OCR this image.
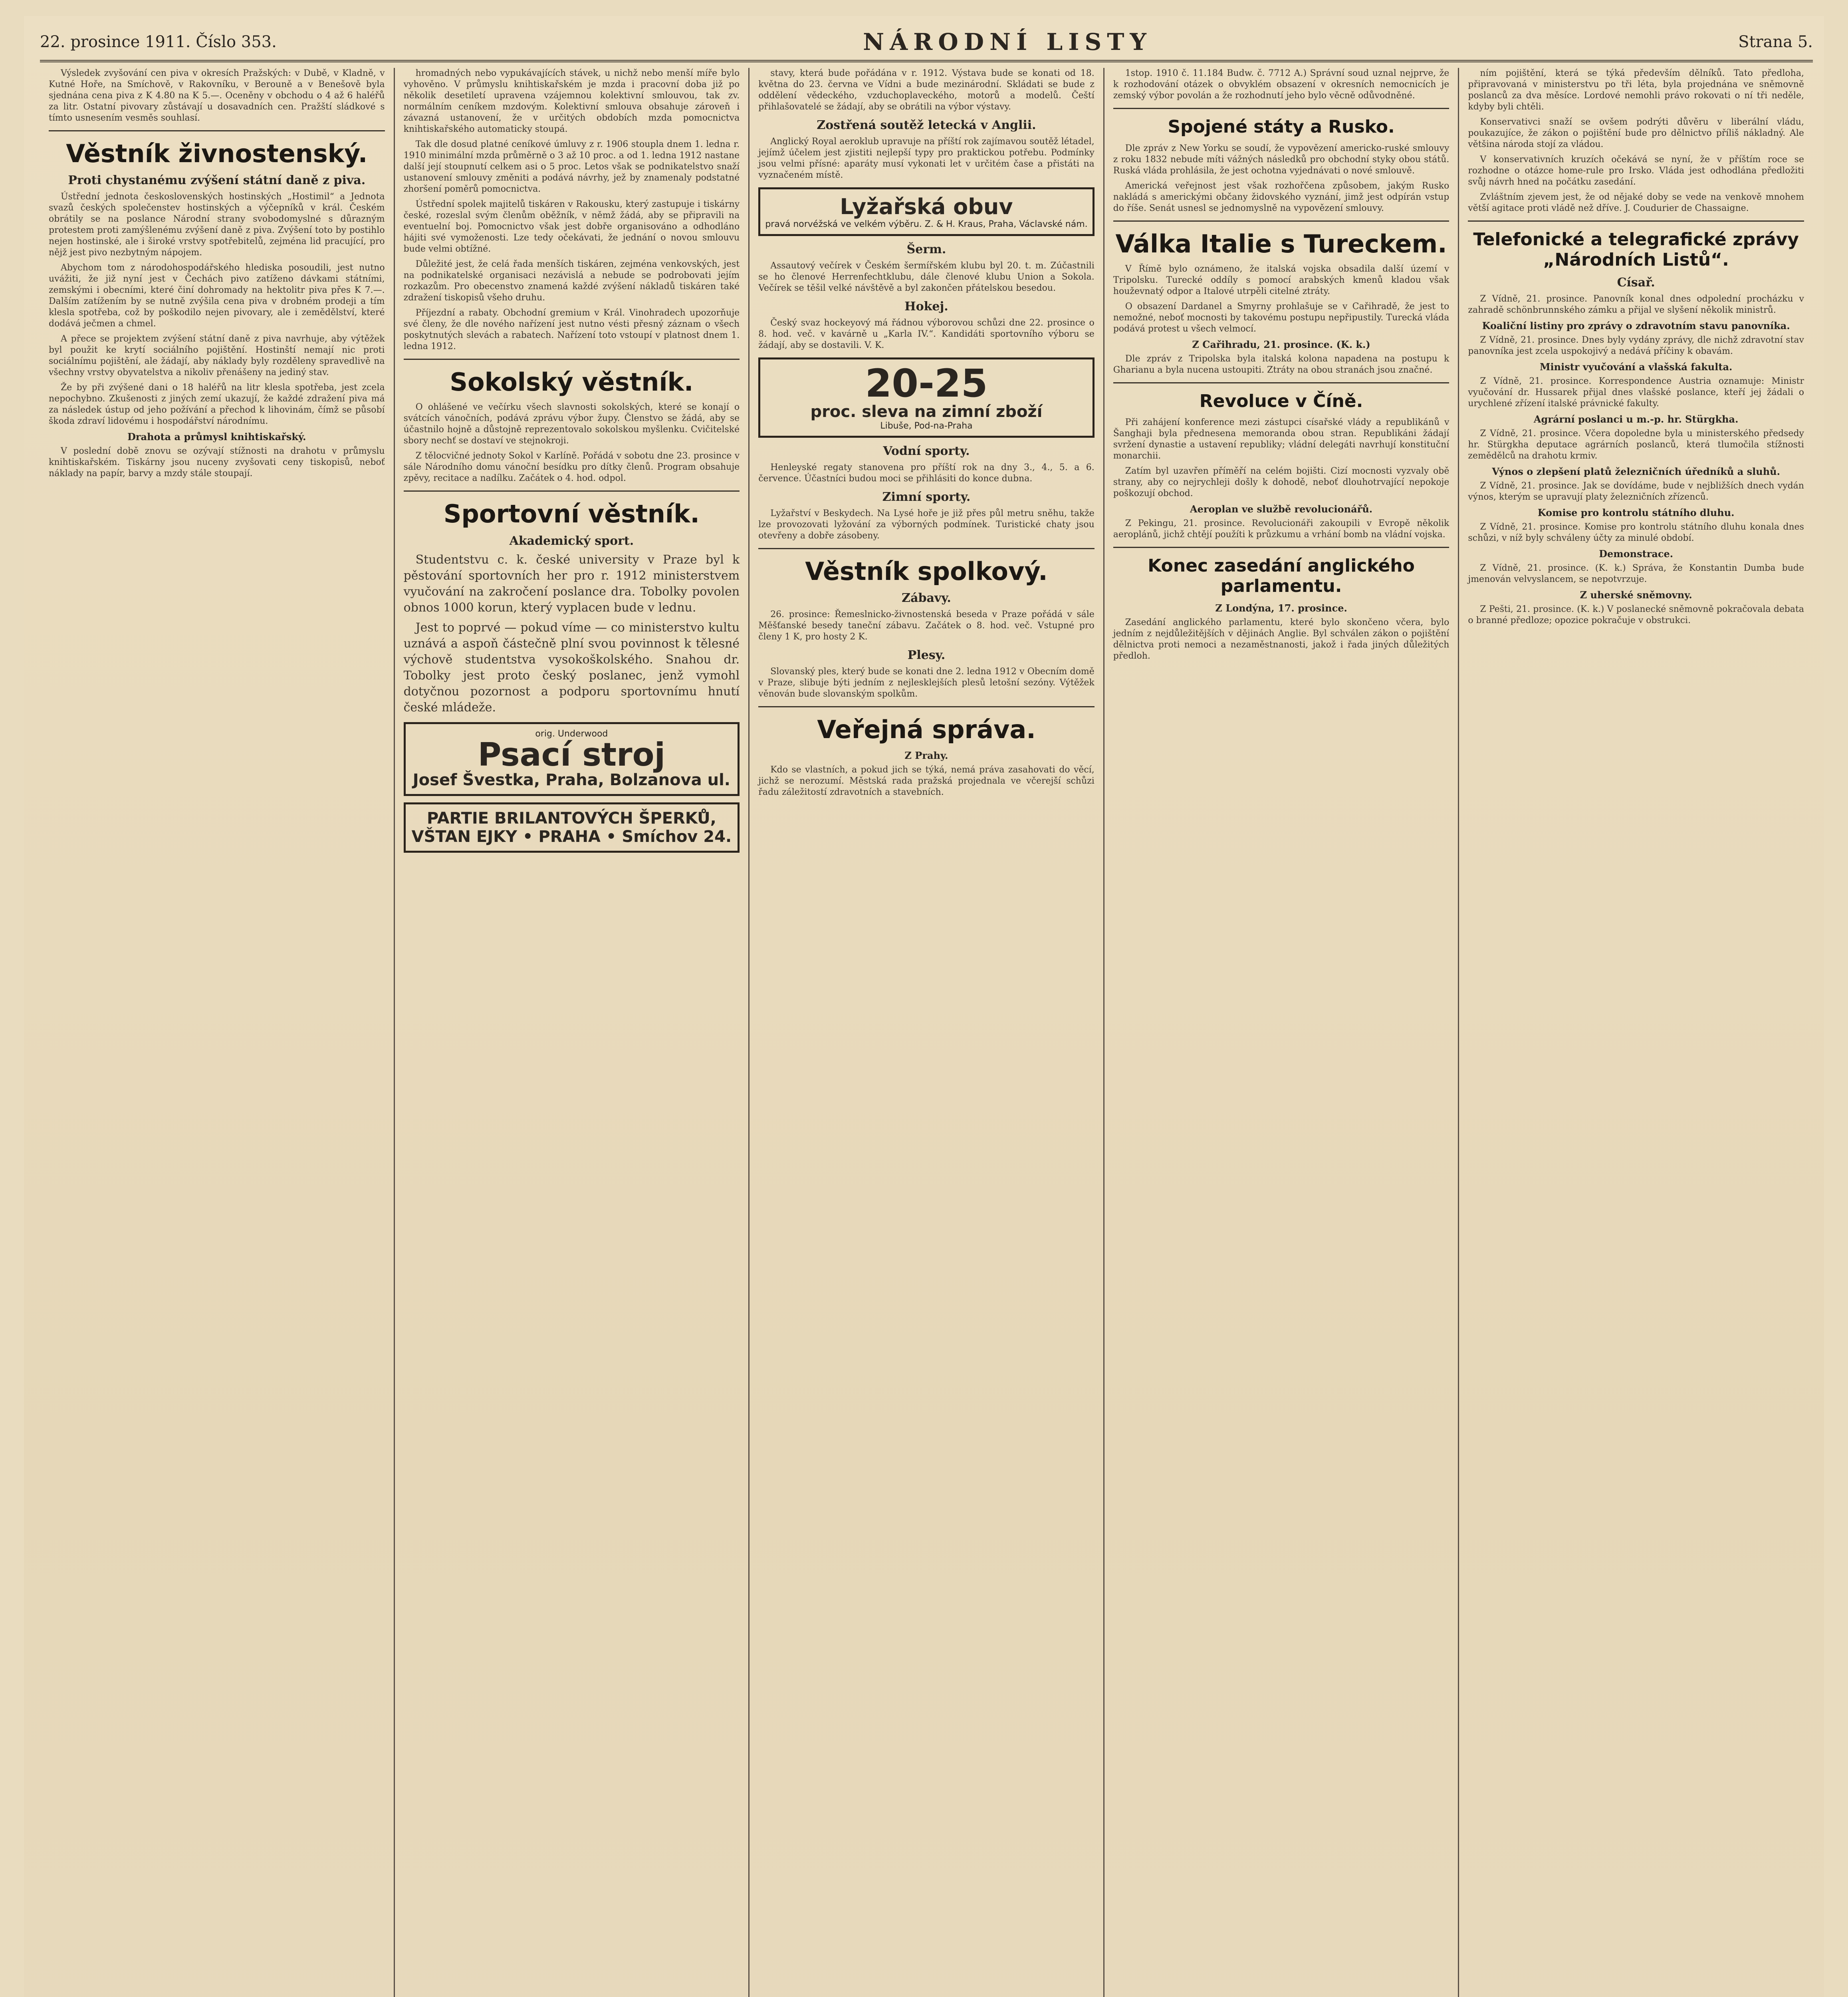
22. prosince 1911. Číslo 353.	NÁRODNÍ LISTY	Strana 5.

Výsledek zvyšování cen piva v okresích Pražských: v Dubě, v Kladně, v Kutné Hoře, na Smíchově, v Rakovníku, v Berouně a v Benešově byla sjednána cena piva z K 4.80 na K 5.—. Oceněny v obchodu o 4 až 6 haléřů za litr. Ostatní pivovary zůstávají u dosavadních cen. Pražští sládkové s tímto usnesením vesměs souhlasí.

Věstník živnostenský.
Proti chystanému zvýšení státní daně z piva.

Ústřední jednota československých hostinských „Hostimil“ a Jednota svazů českých společenstev hostinských a výčepníků v král. Českém obrátily se na poslance Národní strany svobodomyslné s důrazným protestem proti zamýšlenému zvýšení daně z piva. Zvýšení toto by postihlo nejen hostinské, ale i široké vrstvy spotřebitelů, zejména lid pracující, pro nějž jest pivo nezbytným nápojem.

Abychom tom z národohospodářského hlediska posoudili, jest nutno uvážiti, že již nyní jest v Čechách pivo zatíženo dávkami státními, zemskými i obecními, které činí dohromady na hektolitr piva přes K 7.—. Dalším zatížením by se nutně zvýšila cena piva v drobném prodeji a tím klesla spotřeba, což by poškodilo nejen pivovary, ale i zemědělství, které dodává ječmen a chmel.

A přece se projektem zvýšení státní daně z piva navrhuje, aby výtěžek byl použit ke krytí sociálního pojištění. Hostinští nemají nic proti sociálnímu pojištění, ale žádají, aby náklady byly rozděleny spravedlivě na všechny vrstvy obyvatelstva a nikoliv přenášeny na jediný stav.

Že by při zvýšené dani o 18 haléřů na litr klesla spotřeba, jest zcela nepochybno. Zkušenosti z jiných zemí ukazují, že každé zdražení piva má za následek ústup od jeho požívání a přechod k lihovinám, čímž se působí škoda zdraví lidovému i hospodářství národnímu.

Drahota a průmysl knihtiskařský.

V poslední době znovu se ozývají stížnosti na drahotu v průmyslu knihtiskařském. Tiskárny jsou nuceny zvyšovati ceny tiskopisů, neboť náklady na papír, barvy a mzdy stále stoupají.

hromadných nebo vypukávajících stávek, u nichž nebo menší míře bylo vyhověno. V průmyslu knihtiskařském je mzda i pracovní doba již po několik desetiletí upravena vzájemnou kolektivní smlouvou, tak zv. normálním ceníkem mzdovým. Kolektivní smlouva obsahuje zároveň i závazná ustanovení, že v určitých obdobích mzda pomocnictva knihtiskařského automaticky stoupá.

Tak dle dosud platné ceníkové úmluvy z r. 1906 stoupla dnem 1. ledna r. 1910 minimální mzda průměrně o 3 až 10 proc. a od 1. ledna 1912 nastane další její stoupnutí celkem asi o 5 proc. Letos však se podnikatelstvo snaží ustanovení smlouvy změniti a podává návrhy, jež by znamenaly podstatné zhoršení poměrů pomocnictva.

Ústřední spolek majitelů tiskáren v Rakousku, který zastupuje i tiskárny české, rozeslal svým členům oběžník, v němž žádá, aby se připravili na eventuelní boj. Pomocnictvo však jest dobře organisováno a odhodláno hájiti své vymoženosti. Lze tedy očekávati, že jednání o novou smlouvu bude velmi obtížné.

Důležité jest, že celá řada menších tiskáren, zejména venkovských, jest na podnikatelské organisaci nezávislá a nebude se podrobovati jejím rozkazům. Pro obecenstvo znamená každé zvýšení nákladů tiskáren také zdražení tiskopisů všeho druhu.

Příjezdní a rabaty. Obchodní gremium v Král. Vinohradech upozorňuje své členy, že dle nového nařízení jest nutno vésti přesný záznam o všech poskytnutých slevách a rabatech. Nařízení toto vstoupí v platnost dnem 1. ledna 1912.

Sokolský věstník.

O ohlášené ve večírku všech slavnosti sokolských, které se konají o svátcích vánočních, podává zprávu výbor župy. Členstvo se žádá, aby se účastnilo hojně a důstojně reprezentovalo sokolskou myšlenku. Cvičitelské sbory nechť se dostaví ve stejnokroji.

Z tělocvičné jednoty Sokol v Karlíně. Pořádá v sobotu dne 23. prosince v sále Národního domu vánoční besídku pro dítky členů. Program obsahuje zpěvy, recitace a nadílku. Začátek o 4. hod. odpol.

Sportovní věstník.
Akademický sport.

Studentstvu c. k. české university v Praze byl k pěstování sportovních her pro r. 1912 ministerstvem vyučování na zakročení poslance dra. Tobolky povolen obnos 1000 korun, který vyplacen bude v lednu.

Jest to poprvé — pokud víme — co ministerstvo kultu uznává a aspoň částečně plní svou povinnost k tělesné výchově studentstva vysokoškolského. Snahou dr. Tobolky jest proto český poslanec, jenž vymohl dotyčnou pozornost a podporu sportovnímu hnutí české mládeže.

orig. Underwood
Psací stroj
Josef Švestka, Praha, Bolzanova ul.
PARTIE BRILANTOVÝCH ŠPERKŮ, VŠTAN EJKY • PRAHA • Smíchov 24.

stavy, která bude pořádána v r. 1912. Výstava bude se konati od 18. května do 23. června ve Vídni a bude mezinárodní. Skládati se bude z oddělení vědeckého, vzduchoplaveckého, motorů a modelů. Čeští přihlašovatelé se žádají, aby se obrátili na výbor výstavy.

Zostřená soutěž letecká v Anglii.

Anglický Royal aeroklub upravuje na příští rok zajímavou soutěž létadel, jejímž účelem jest zjistiti nejlepší typy pro praktickou potřebu. Podmínky jsou velmi přísné: aparáty musí vykonati let v určitém čase a přistáti na vyznačeném místě.

Lyžařská obuv
pravá norvéžská ve velkém výběru. Z. & H. Kraus, Praha, Václavské nám.
Šerm.

Assautový večírek v Českém šermířském klubu byl 20. t. m. Zúčastnili se ho členové Herrenfechtklubu, dále členové klubu Union a Sokola. Večírek se těšil velké návštěvě a byl zakončen přátelskou besedou.

Hokej.

Český svaz hockeyový má řádnou výborovou schůzi dne 22. prosince o 8. hod. več. v kavárně u „Karla IV.“. Kandidáti sportovního výboru se žádají, aby se dostavili. V. K.

20-25
proc. sleva na zimní zboží
Libuše, Pod-na-Praha
Vodní sporty.

Henleyské regaty stanovena pro příští rok na dny 3., 4., 5. a 6. července. Účastníci budou moci se přihlásiti do konce dubna.

Zimní sporty.

Lyžařství v Beskydech. Na Lysé hoře je již přes půl metru sněhu, takže lze provozovati lyžování za výborných podmínek. Turistické chaty jsou otevřeny a dobře zásobeny.

Věstník spolkový.
Zábavy.

26. prosince: Řemeslnicko-živnostenská beseda v Praze pořádá v sále Měšťanské besedy taneční zábavu. Začátek o 8. hod. več. Vstupné pro členy 1 K, pro hosty 2 K.

Plesy.

Slovanský ples, který bude se konati dne 2. ledna 1912 v Obecním domě v Praze, slibuje býti jedním z nejlesklejších plesů letošní sezóny. Výtěžek věnován bude slovanským spolkům.

Veřejná správa.
Z Prahy.

Kdo se vlastních, a pokud jich se týká, nemá práva zasahovati do věcí, jichž se nerozumí. Městská rada pražská projednala ve včerejší schůzi řadu záležitostí zdravotních a stavebních.

1stop. 1910 č. 11.184 Budw. č. 7712 A.) Správní soud uznal nejprve, že k rozhodování otázek o obvyklém obsazení v okresních nemocnicích je zemský výbor povolán a že rozhodnutí jeho bylo věcně odůvodněné.

Spojené státy a Rusko.

Dle zpráv z New Yorku se soudí, že vypovězení americko-ruské smlouvy z roku 1832 nebude míti vážných následků pro obchodní styky obou států. Ruská vláda prohlásila, že jest ochotna vyjednávati o nové smlouvě.

Americká veřejnost jest však rozhořčena způsobem, jakým Rusko nakládá s americkými občany židovského vyznání, jimž jest odpírán vstup do říše. Senát usnesl se jednomyslně na vypovězení smlouvy.

Válka Italie s Tureckem.

V Římě bylo oznámeno, že italská vojska obsadila další území v Tripolsku. Turecké oddíly s pomocí arabských kmenů kladou však houževnatý odpor a Italové utrpěli citelné ztráty.

O obsazení Dardanel a Smyrny prohlašuje se v Cařihradě, že jest to nemožné, neboť mocnosti by takovému postupu nepřipustily. Turecká vláda podává protest u všech velmocí.

Z Cařihradu, 21. prosince. (K. k.)

Dle zpráv z Tripolska byla italská kolona napadena na postupu k Gharianu a byla nucena ustoupiti. Ztráty na obou stranách jsou značné.

Revoluce v Číně.

Při zahájení konference mezi zástupci císařské vlády a republikánů v Šanghaji byla přednesena memoranda obou stran. Republikáni žádají svržení dynastie a ustavení republiky; vládní delegáti navrhují konstituční monarchii.

Zatím byl uzavřen příměří na celém bojišti. Cizí mocnosti vyzvaly obě strany, aby co nejrychleji došly k dohodě, neboť dlouhotrvající nepokoje poškozují obchod.

Aeroplan ve službě revolucionářů.

Z Pekingu, 21. prosince. Revolucionáři zakoupili v Evropě několik aeroplánů, jichž chtějí použíti k průzkumu a vrhání bomb na vládní vojska.

Konec zasedání anglického parlamentu.
Z Londýna, 17. prosince.

Zasedání anglického parlamentu, které bylo skončeno včera, bylo jedním z nejdůležitějších v dějinách Anglie. Byl schválen zákon o pojištění dělnictva proti nemoci a nezaměstnanosti, jakož i řada jiných důležitých předloh.

ním pojištění, která se týká především dělníků. Tato předloha, připravovaná v ministerstvu po tři léta, byla projednána ve sněmovně poslanců za dva měsíce. Lordové nemohli právo rokovati o ní tři neděle, kdyby byli chtěli.

Konservativci snaží se ovšem podrýti důvěru v liberální vládu, poukazujíce, že zákon o pojištění bude pro dělnictvo příliš nákladný. Ale většina národa stojí za vládou.

V konservativních kruzích očekává se nyní, že v příštím roce se rozhodne o otázce home-rule pro Irsko. Vláda jest odhodlána předložiti svůj návrh hned na počátku zasedání.

Zvláštním zjevem jest, že od nějaké doby se vede na venkově mnohem větší agitace proti vládě než dříve. J. Coudurier de Chassaigne.

Telefonické a telegrafické zprávy „Národních Listů“.
Císař.

Z Vídně, 21. prosince. Panovník konal dnes odpolední procházku v zahradě schönbrunnského zámku a přijal ve slyšení několik ministrů.

Koaliční listiny pro zprávy o zdravotním stavu panovníka.

Z Vídně, 21. prosince. Dnes byly vydány zprávy, dle nichž zdravotní stav panovníka jest zcela uspokojivý a nedává příčiny k obavám.

Ministr vyučování a vlašská fakulta.

Z Vídně, 21. prosince. Korrespondence Austria oznamuje: Ministr vyučování dr. Hussarek přijal dnes vlašské poslance, kteří jej žádali o urychlené zřízení italské právnické fakulty.

Agrární poslanci u m.-p. hr. Stürgkha.

Z Vídně, 21. prosince. Včera dopoledne byla u ministerského předsedy hr. Stürgkha deputace agrárních poslanců, která tlumočila stížnosti zemědělců na drahotu krmiv.

Výnos o zlepšení platů železničních úředníků a sluhů.

Z Vídně, 21. prosince. Jak se dovídáme, bude v nejbližších dnech vydán výnos, kterým se upravují platy železničních zřízenců.

Komise pro kontrolu státního dluhu.

Z Vídně, 21. prosince. Komise pro kontrolu státního dluhu konala dnes schůzi, v níž byly schváleny účty za minulé období.

Demonstrace.

Z Vídně, 21. prosince. (K. k.) Správa, že Konstantin Dumba bude jmenován velvyslancem, se nepotvrzuje.

Z uherské sněmovny.

Z Pešti, 21. prosince. (K. k.) V poslanecké sněmovně pokračovala debata o branné předloze; opozice pokračuje v obstrukci.
